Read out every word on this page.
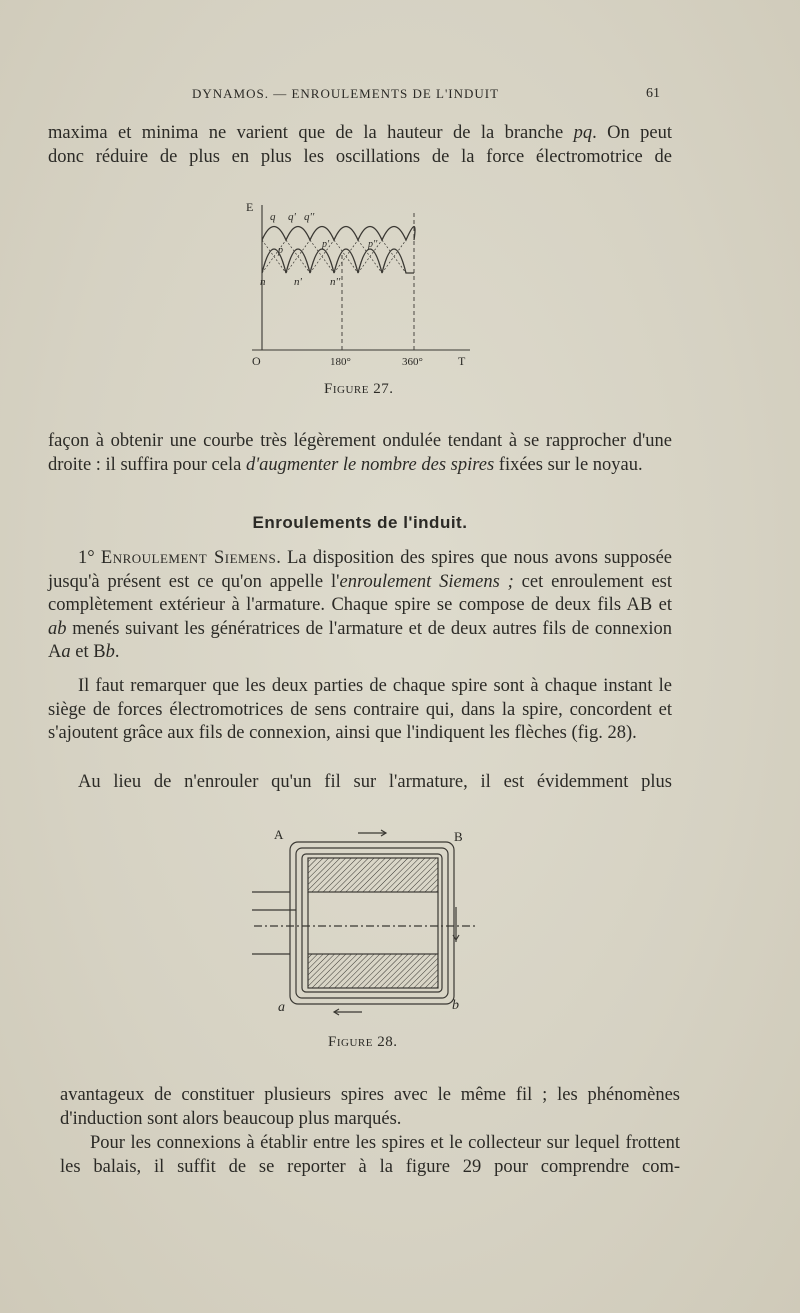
DYNAMOS. — ENROULEMENTS DE L'INDUIT	61
maxima et minima ne varient que de la hauteur de la branche pq. On peut
donc réduire de plus en plus les oscillations de la force électromotrice de
E
q q' q''
p
p'	p''
n	n'	n''
O	180°	360°	T
Figure 27.
façon à obtenir une courbe très légèrement ondulée tendant à se rapprocher d'une droite : il suffira pour cela d'augmenter le nombre des spires fixées sur le noyau.
Enroulements de l'induit.
1° Enroulement Siemens. La disposition des spires que nous avons supposée jusqu'à présent est ce qu'on appelle l'enroulement Siemens ; cet enroulement est complètement extérieur à l'armature. Chaque spire se compose de deux fils AB et ab menés suivant les génératrices de l'armature et de deux autres fils de connexion Aa et Bb.
Il faut remarquer que les deux parties de chaque spire sont à chaque instant le siège de forces électromotrices de sens contraire qui, dans la spire, concordent et s'ajoutent grâce aux fils de connexion, ainsi que l'indiquent les flèches (fig. 28).
Au lieu de n'enrouler qu'un fil sur l'armature, il est évidemment plus
A	B
a	b
Figure 28.
avantageux de constituer plusieurs spires avec le même fil ; les phénomènes d'induction sont alors beaucoup plus marqués.
Pour les connexions à établir entre les spires et le collecteur sur lequel frottent les balais, il suffit de se reporter à la figure 29 pour comprendre com-
